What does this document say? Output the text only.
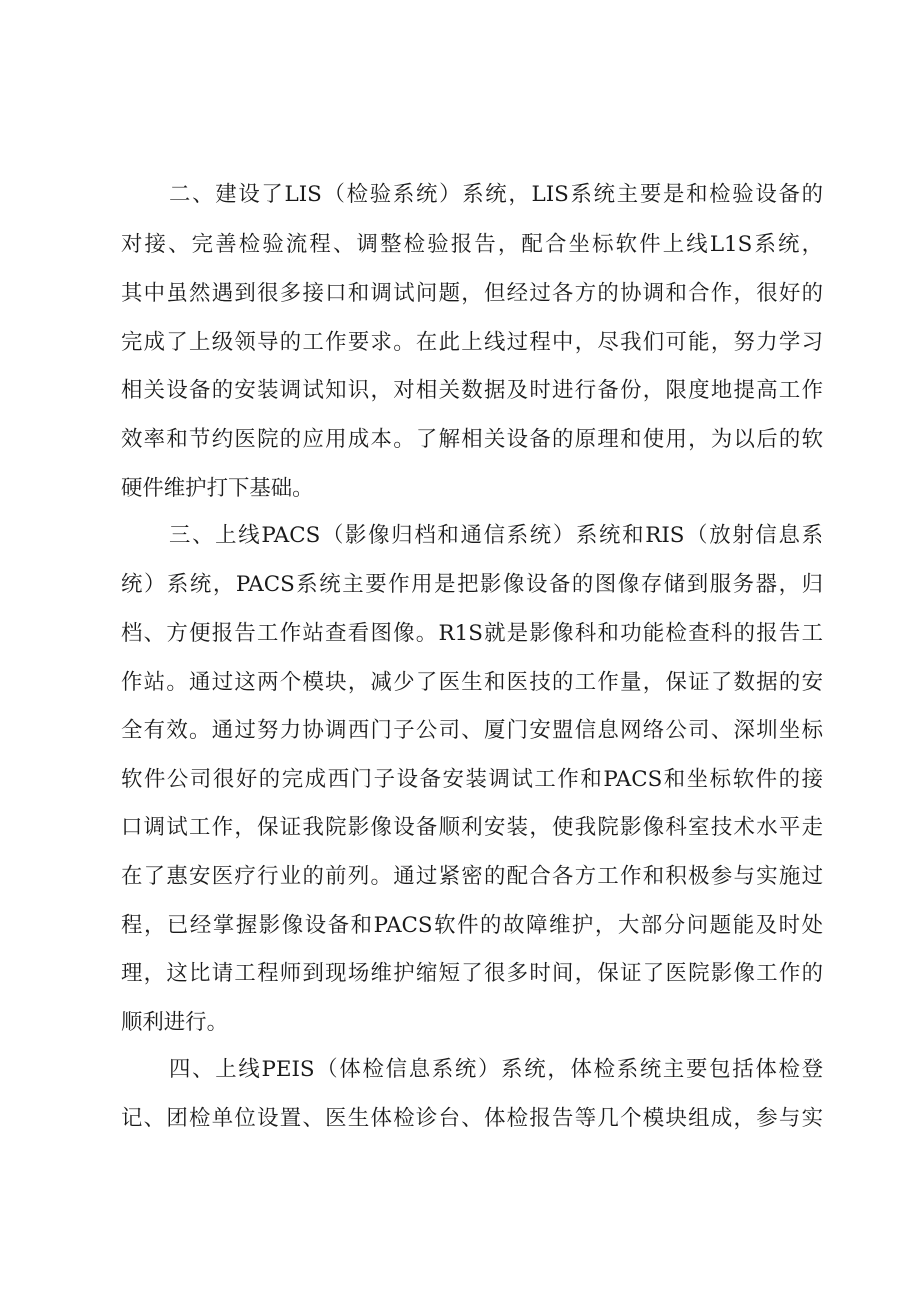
二、建设了LIS（检验系统）系统，LIS系统主要是和检验设备的
对接、完善检验流程、调整检验报告，配合坐标软件上线L1S系统，
其中虽然遇到很多接口和调试问题，但经过各方的协调和合作，很好的
完成了上级领导的工作要求。在此上线过程中，尽我们可能，努力学习
相关设备的安装调试知识，对相关数据及时进行备份，限度地提高工作
效率和节约医院的应用成本。了解相关设备的原理和使用，为以后的软
硬件维护打下基础。
三、上线PACS（影像归档和通信系统）系统和RIS（放射信息系
统）系统，PACS系统主要作用是把影像设备的图像存储到服务器，归
档、方便报告工作站查看图像。R1S就是影像科和功能检查科的报告工
作站。通过这两个模块，减少了医生和医技的工作量，保证了数据的安
全有效。通过努力协调西门子公司、厦门安盟信息网络公司、深圳坐标
软件公司很好的完成西门子设备安装调试工作和PACS和坐标软件的接
口调试工作，保证我院影像设备顺利安装，使我院影像科室技术水平走
在了惠安医疗行业的前列。通过紧密的配合各方工作和积极参与实施过
程，已经掌握影像设备和PACS软件的故障维护，大部分问题能及时处
理，这比请工程师到现场维护缩短了很多时间，保证了医院影像工作的
顺利进行。
四、上线PEIS（体检信息系统）系统，体检系统主要包括体检登
记、团检单位设置、医生体检诊台、体检报告等几个模块组成，参与实
